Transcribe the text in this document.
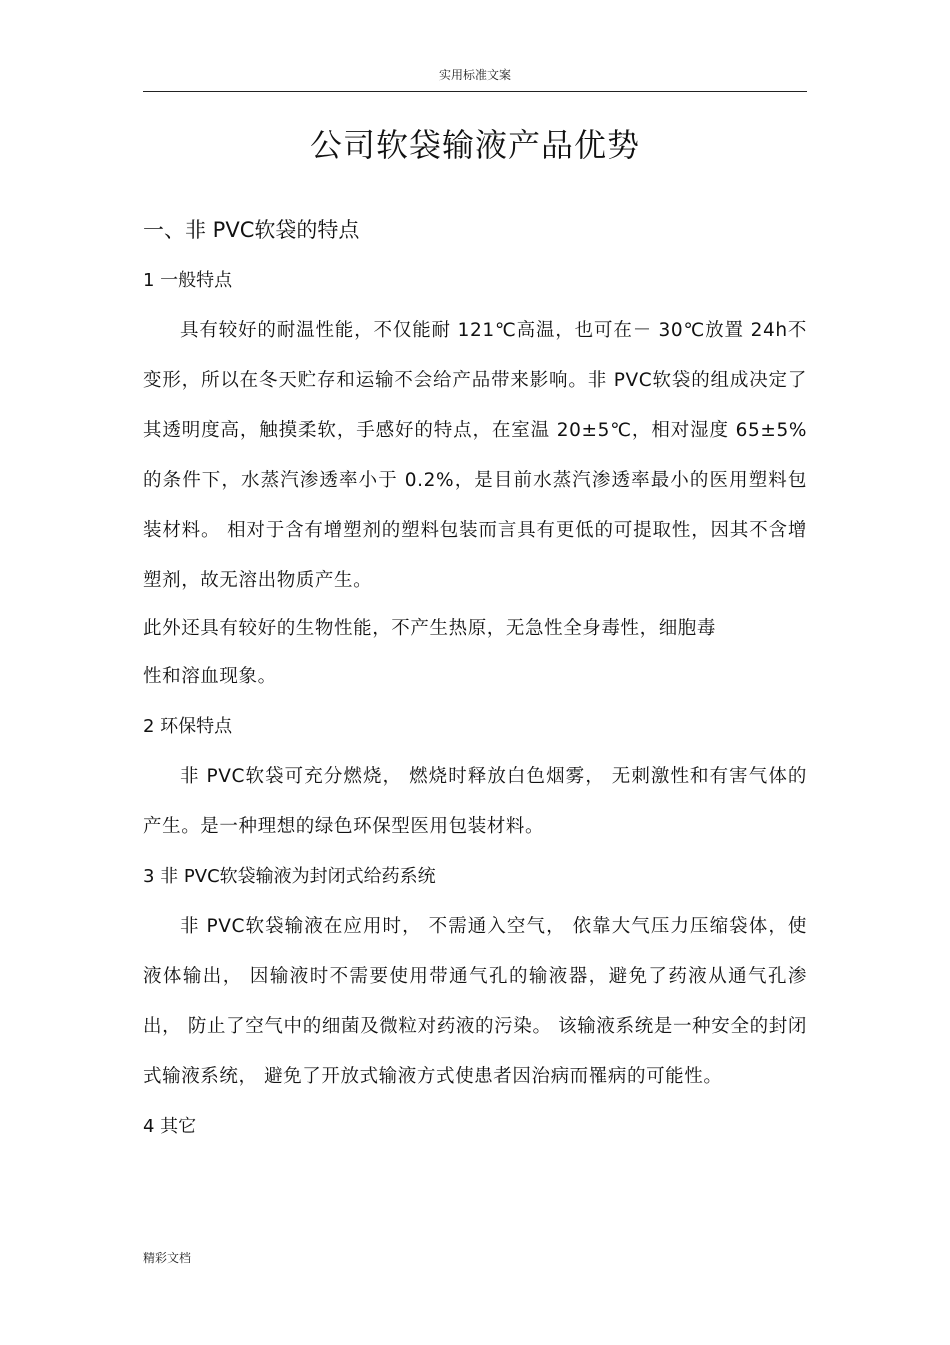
实用标准文案
公司软袋输液产品优势

一、非 PVC软袋的特点

1 一般特点

具有较好的耐温性能，不仅能耐 121℃高温，也可在－ 30℃放置 24h不变形，所以在冬天贮存和运输不会给产品带来影响。非 PVC软袋的组成决定了其透明度高，触摸柔软，手感好的特点，在室温 20±5℃，相对湿度 65±5%的条件下，水蒸汽渗透率小于 0.2%，是目前水蒸汽渗透率最小的医用塑料包装材料。 相对于含有增塑剂的塑料包装而言具有更低的可提取性，因其不含增塑剂，故无溶出物质产生。

此外还具有较好的生物性能，不产生热原，无急性全身毒性，细胞毒

性和溶血现象。

2 环保特点

非 PVC软袋可充分燃烧， 燃烧时释放白色烟雾， 无刺激性和有害气体的产生。是一种理想的绿色环保型医用包装材料。

3 非 PVC软袋输液为封闭式给药系统

非 PVC软袋输液在应用时， 不需通入空气， 依靠大气压力压缩袋体，使液体输出， 因输液时不需要使用带通气孔的输液器，避免了药液从通气孔渗出， 防止了空气中的细菌及微粒对药液的污染。 该输液系统是一种安全的封闭式输液系统， 避免了开放式输液方式使患者因治病而罹病的可能性。

4 其它

精彩文档
